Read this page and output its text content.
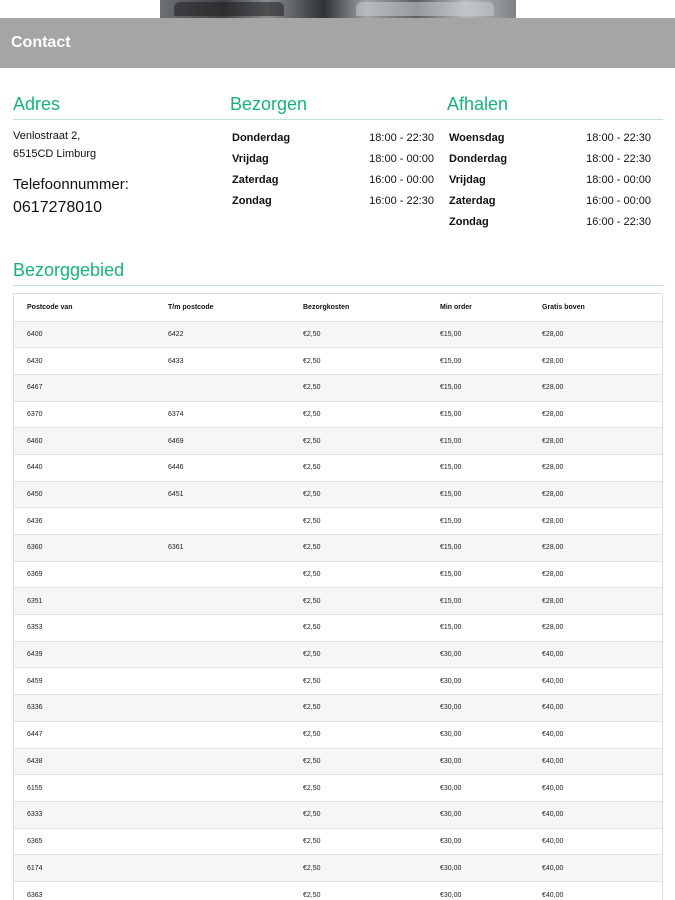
Contact
Adres
Venlostraat 2,
6515CD Limburg
Telefoonnummer:
0617278010
Bezorgen
Donderdag	18:00 - 22:30
Vrijdag	18:00 - 00:00
Zaterdag	16:00 - 00:00
Zondag	16:00 - 22:30
Afhalen
Woensdag	18:00 - 22:30
Donderdag	18:00 - 22:30
Vrijdag	18:00 - 00:00
Zaterdag	16:00 - 00:00
Zondag	16:00 - 22:30
Bezorggebied
Postcode van	T/m postcode	Bezorgkosten	Min order	Gratis boven
6400	6422	€2,50	€15,00	€28,00
6430	6433	€2,50	€15,00	€28,00
6467		€2,50	€15,00	€28,00
6370	6374	€2,50	€15,00	€28,00
6460	6469	€2,50	€15,00	€28,00
6440	6446	€2,50	€15,00	€28,00
6450	6451	€2,50	€15,00	€28,00
6436		€2,50	€15,00	€28,00
6360	6361	€2,50	€15,00	€28,00
6369		€2,50	€15,00	€28,00
6351		€2,50	€15,00	€28,00
6353		€2,50	€15,00	€28,00
6439		€2,50	€30,00	€40,00
6459		€2,50	€30,00	€40,00
6336		€2,50	€30,00	€40,00
6447		€2,50	€30,00	€40,00
6438		€2,50	€30,00	€40,00
6155		€2,50	€30,00	€40,00
6333		€2,50	€30,00	€40,00
6365		€2,50	€30,00	€40,00
6174		€2,50	€30,00	€40,00
6363		€2,50	€30,00	€40,00
